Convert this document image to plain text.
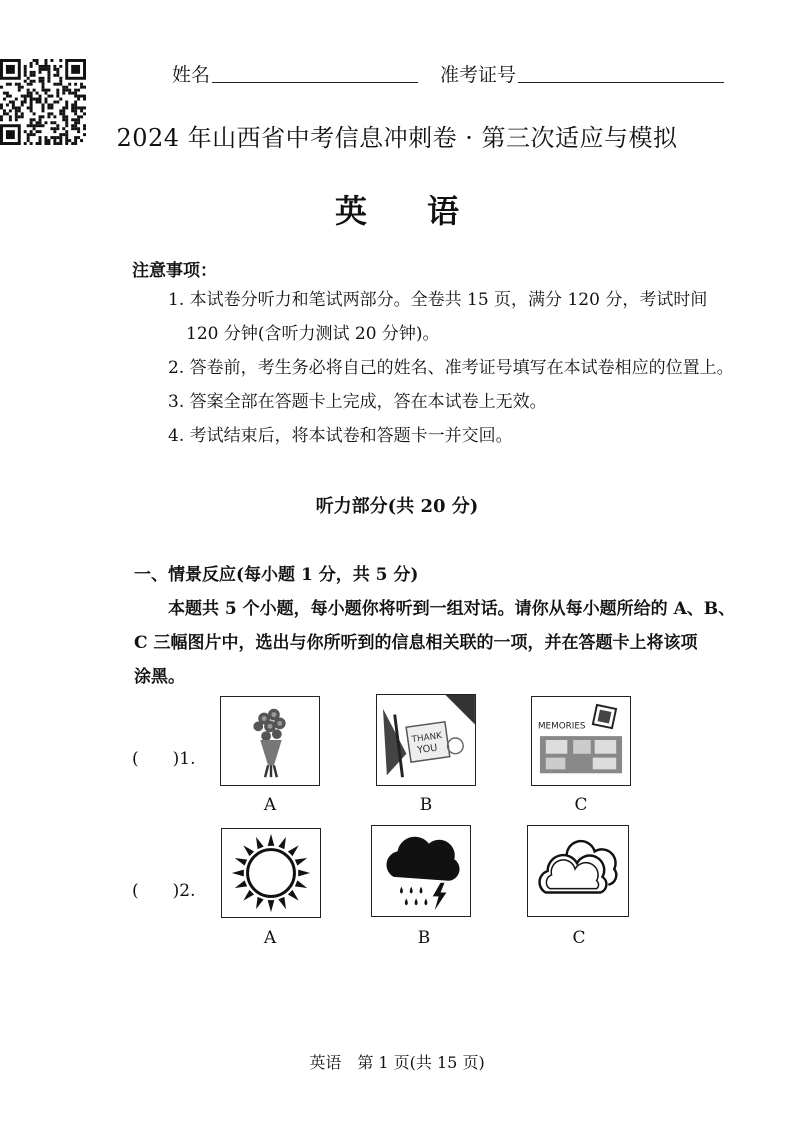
姓名	准考证号
2024 年山西省中考信息冲刺卷 · 第三次适应与模拟
英语
注意事项：
1. 本试卷分听力和笔试两部分。全卷共 15 页，满分 120 分，考试时间
120 分钟(含听力测试 20 分钟)。
2. 答卷前，考生务必将自己的姓名、准考证号填写在本试卷相应的位置上。
3. 答案全部在答题卡上完成，答在本试卷上无效。
4. 考试结束后，将本试卷和答题卡一并交回。
听力部分(共 20 分)
一、情景反应(每小题 1 分，共 5 分)
本题共 5 个小题，每小题你将听到一组对话。请你从每小题所给的 A、B、
C 三幅图片中，选出与你所听到的信息相关联的一项，并在答题卡上将该项
涂黑。
(　　)1.
A
THANK
YOU
B
MEMORIES
C
(　　)2.
A	B	C
英语　第 1 页(共 15 页)
